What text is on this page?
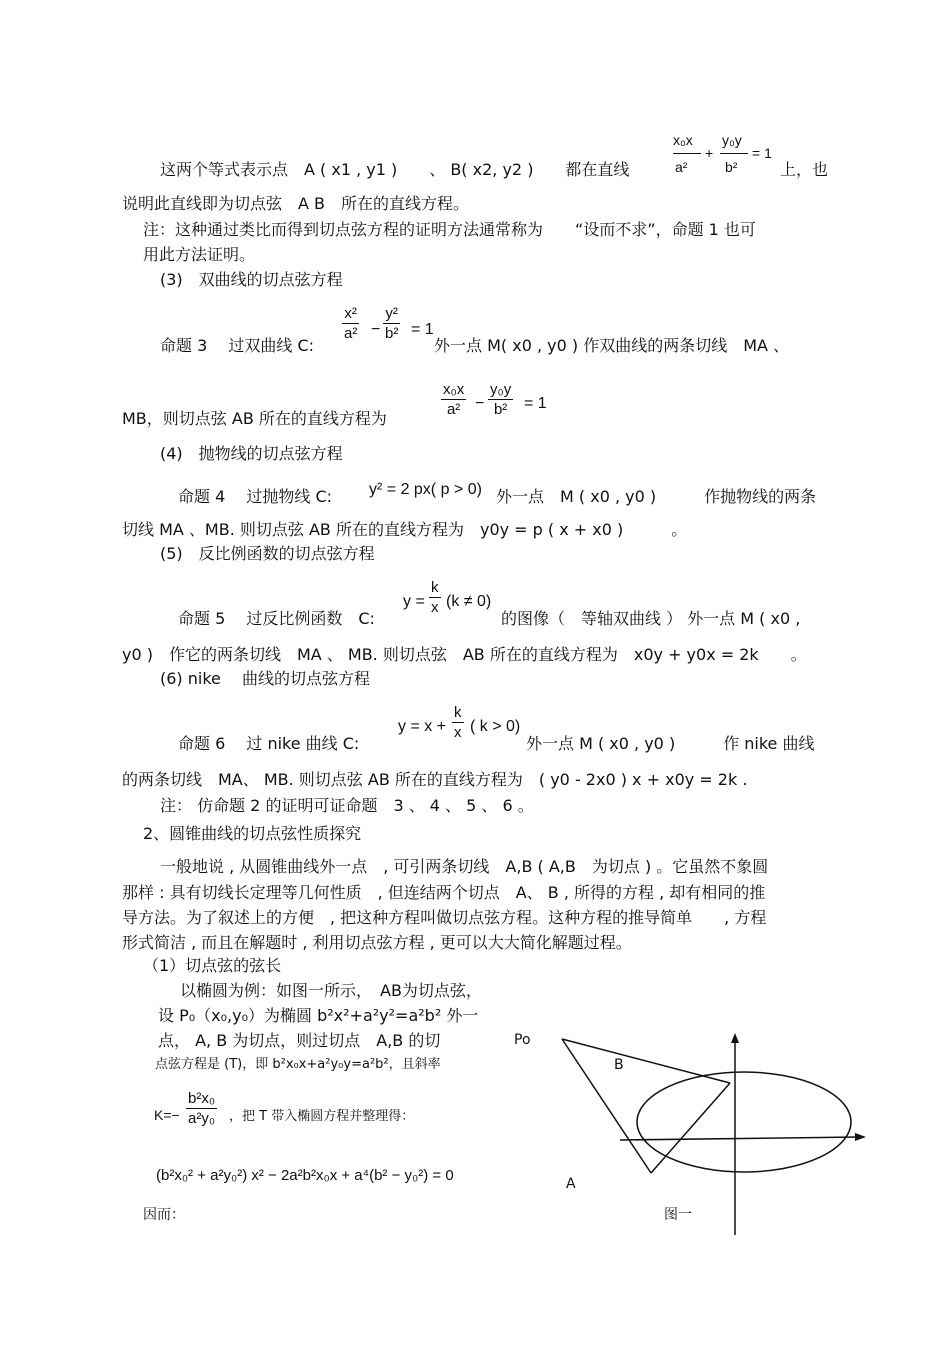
这两个等式表示点　A ( x1 , y1 )　　、 B( x2, y2 )　　都在直线
x₀x
a²
+
y₀y
b²
= 1
上，也
说明此直线即为切点弦　A B　所在的直线方程。
注：这种通过类比而得到切点弦方程的证明方法通常称为　　“设而不求”，命题 1 也可
用此方法证明。
(3)　双曲线的切点弦方程
命题 3　 过双曲线 C:
x²
a² −
y²
b² = 1
外一点 M( x0 , y0 ) 作双曲线的两条切线　MA 、
MB，则切点弦 AB 所在的直线方程为
x₀x
a² −
y₀y
b² = 1
(4)　抛物线的切点弦方程
命题 4　 过抛物线 C: y² = 2 px( p > 0) 外一点　M ( x0 , y0 )　　　作抛物线的两条
切线 MA 、MB. 则切点弦 AB 所在的直线方程为　y0y = p ( x + x0 )　　　。
(5)　反比例函数的切点弦方程
命题 5　 过反比例函数　C:
y =
k
x (k ≠ 0)
的图像（　等轴双曲线 ） 外一点 M ( x0 ,
y0 )　作它的两条切线　MA 、 MB. 则切点弦　AB 所在的直线方程为　x0y + y0x = 2k　　。
(6) nike　 曲线的切点弦方程
命题 6　 过 nike 曲线 C:
y = x +
k
x ( k > 0)
外一点 M ( x0 , y0 )　　　作 nike 曲线
的两条切线　MA、 MB. 则切点弦 AB 所在的直线方程为　( y0 - 2x0 ) x + x0y = 2k .
注： 仿命题 2 的证明可证命题　3 、 4 、 5 、 6 。
2、圆锥曲线的切点弦性质探究
一般地说 , 从圆锥曲线外一点　, 可引两条切线　A,B ( A,B　为切点 ) 。它虽然不象圆
那样 : 具有切线长定理等几何性质　, 但连结两个切点　A、 B , 所得的方程 , 却有相同的推
导方法。为了叙述上的方便　, 把这种方程叫做切点弦方程。这种方程的推导简单　　, 方程
形式简洁 , 而且在解题时 , 利用切点弦方程 , 更可以大大简化解题过程。
（1）切点弦的弦长
以椭圆为例：如图一所示，　AB为切点弦，
设 P₀（x₀,y₀）为椭圆 b²x²+a²y²=a²b² 外一
点， A, B 为切点，则过切点　A,B 的切
点弦方程是 (T)，即 b²x₀x+a²y₀y=a²b²，且斜率
K=−
b²x₀
a²y₀ ，把 T 带入椭圆方程并整理得：
(b²x₀² + a²y₀²) x² − 2a²b²x₀x + a⁴(b² − y₀²) = 0
因而：
Po
B
A
图一
